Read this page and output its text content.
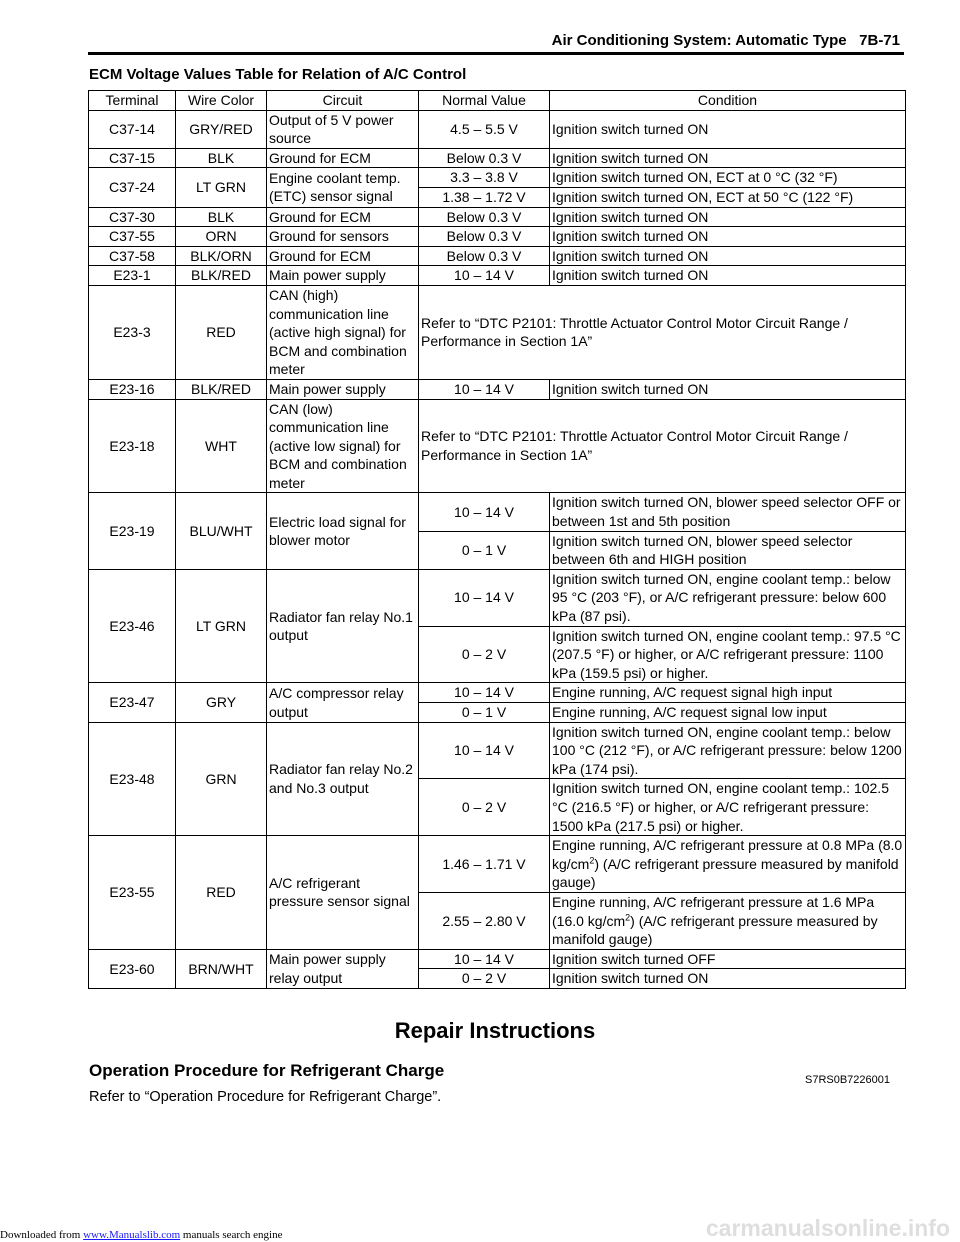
Air Conditioning System: Automatic Type 7B-71
ECM Voltage Values Table for Relation of A/C Control
Terminal	Wire Color	Circuit	Normal Value	Condition
C37-14	GRY/RED	Output of 5 V power source	4.5 – 5.5 V	Ignition switch turned ON
C37-15	BLK	Ground for ECM	Below 0.3 V	Ignition switch turned ON
C37-24	LT GRN	Engine coolant temp. (ETC) sensor signal	3.3 – 3.8 V	Ignition switch turned ON, ECT at 0 °C (32 °F)
			1.38 – 1.72 V	Ignition switch turned ON, ECT at 50 °C (122 °F)
C37-30	BLK	Ground for ECM	Below 0.3 V	Ignition switch turned ON
C37-55	ORN	Ground for sensors	Below 0.3 V	Ignition switch turned ON
C37-58	BLK/ORN	Ground for ECM	Below 0.3 V	Ignition switch turned ON
E23-1	BLK/RED	Main power supply	10 – 14 V	Ignition switch turned ON
E23-3	RED	CAN (high) communication line (active high signal) for BCM and combination meter	Refer to “DTC P2101: Throttle Actuator Control Motor Circuit Range / Performance in Section 1A”	
E23-16	BLK/RED	Main power supply	10 – 14 V	Ignition switch turned ON
E23-18	WHT	CAN (low) communication line (active low signal) for BCM and combination meter	Refer to “DTC P2101: Throttle Actuator Control Motor Circuit Range / Performance in Section 1A”	
E23-19	BLU/WHT	Electric load signal for blower motor	10 – 14 V	Ignition switch turned ON, blower speed selector OFF or between 1st and 5th position
			0 – 1 V	Ignition switch turned ON, blower speed selector between 6th and HIGH position
E23-46	LT GRN	Radiator fan relay No.1 output	10 – 14 V	Ignition switch turned ON, engine coolant temp.: below 95 °C (203 °F), or A/C refrigerant pressure: below 600 kPa (87 psi).
			0 – 2 V	Ignition switch turned ON, engine coolant temp.: 97.5 °C (207.5 °F) or higher, or A/C refrigerant pressure: 1100 kPa (159.5 psi) or higher.
E23-47	GRY	A/C compressor relay output	10 – 14 V	Engine running, A/C request signal high input
			0 – 1 V	Engine running, A/C request signal low input
E23-48	GRN	Radiator fan relay No.2 and No.3 output	10 – 14 V	Ignition switch turned ON, engine coolant temp.: below 100 °C (212 °F), or A/C refrigerant pressure: below 1200 kPa (174 psi).
			0 – 2 V	Ignition switch turned ON, engine coolant temp.: 102.5 °C (216.5 °F) or higher, or A/C refrigerant pressure: 1500 kPa (217.5 psi) or higher.
E23-55	RED	A/C refrigerant pressure sensor signal	1.46 – 1.71 V	Engine running, A/C refrigerant pressure at 0.8 MPa (8.0 $kg/cm^2$) (A/C refrigerant pressure measured by manifold gauge)
			2.55 – 2.80 V	Engine running, A/C refrigerant pressure at 1.6 MPa (16.0 $kg/cm^2$) (A/C refrigerant pressure measured by manifold gauge)
E23-60	BRN/WHT	Main power supply relay output	10 – 14 V	Ignition switch turned OFF
			0 – 2 V	Ignition switch turned ON
Repair Instructions
Operation Procedure for Refrigerant Charge	S7RS0B7226001
Refer to “Operation Procedure for Refrigerant Charge”.
Downloaded from www.Manualslib.com manuals search engine	carmanualsonline.info
